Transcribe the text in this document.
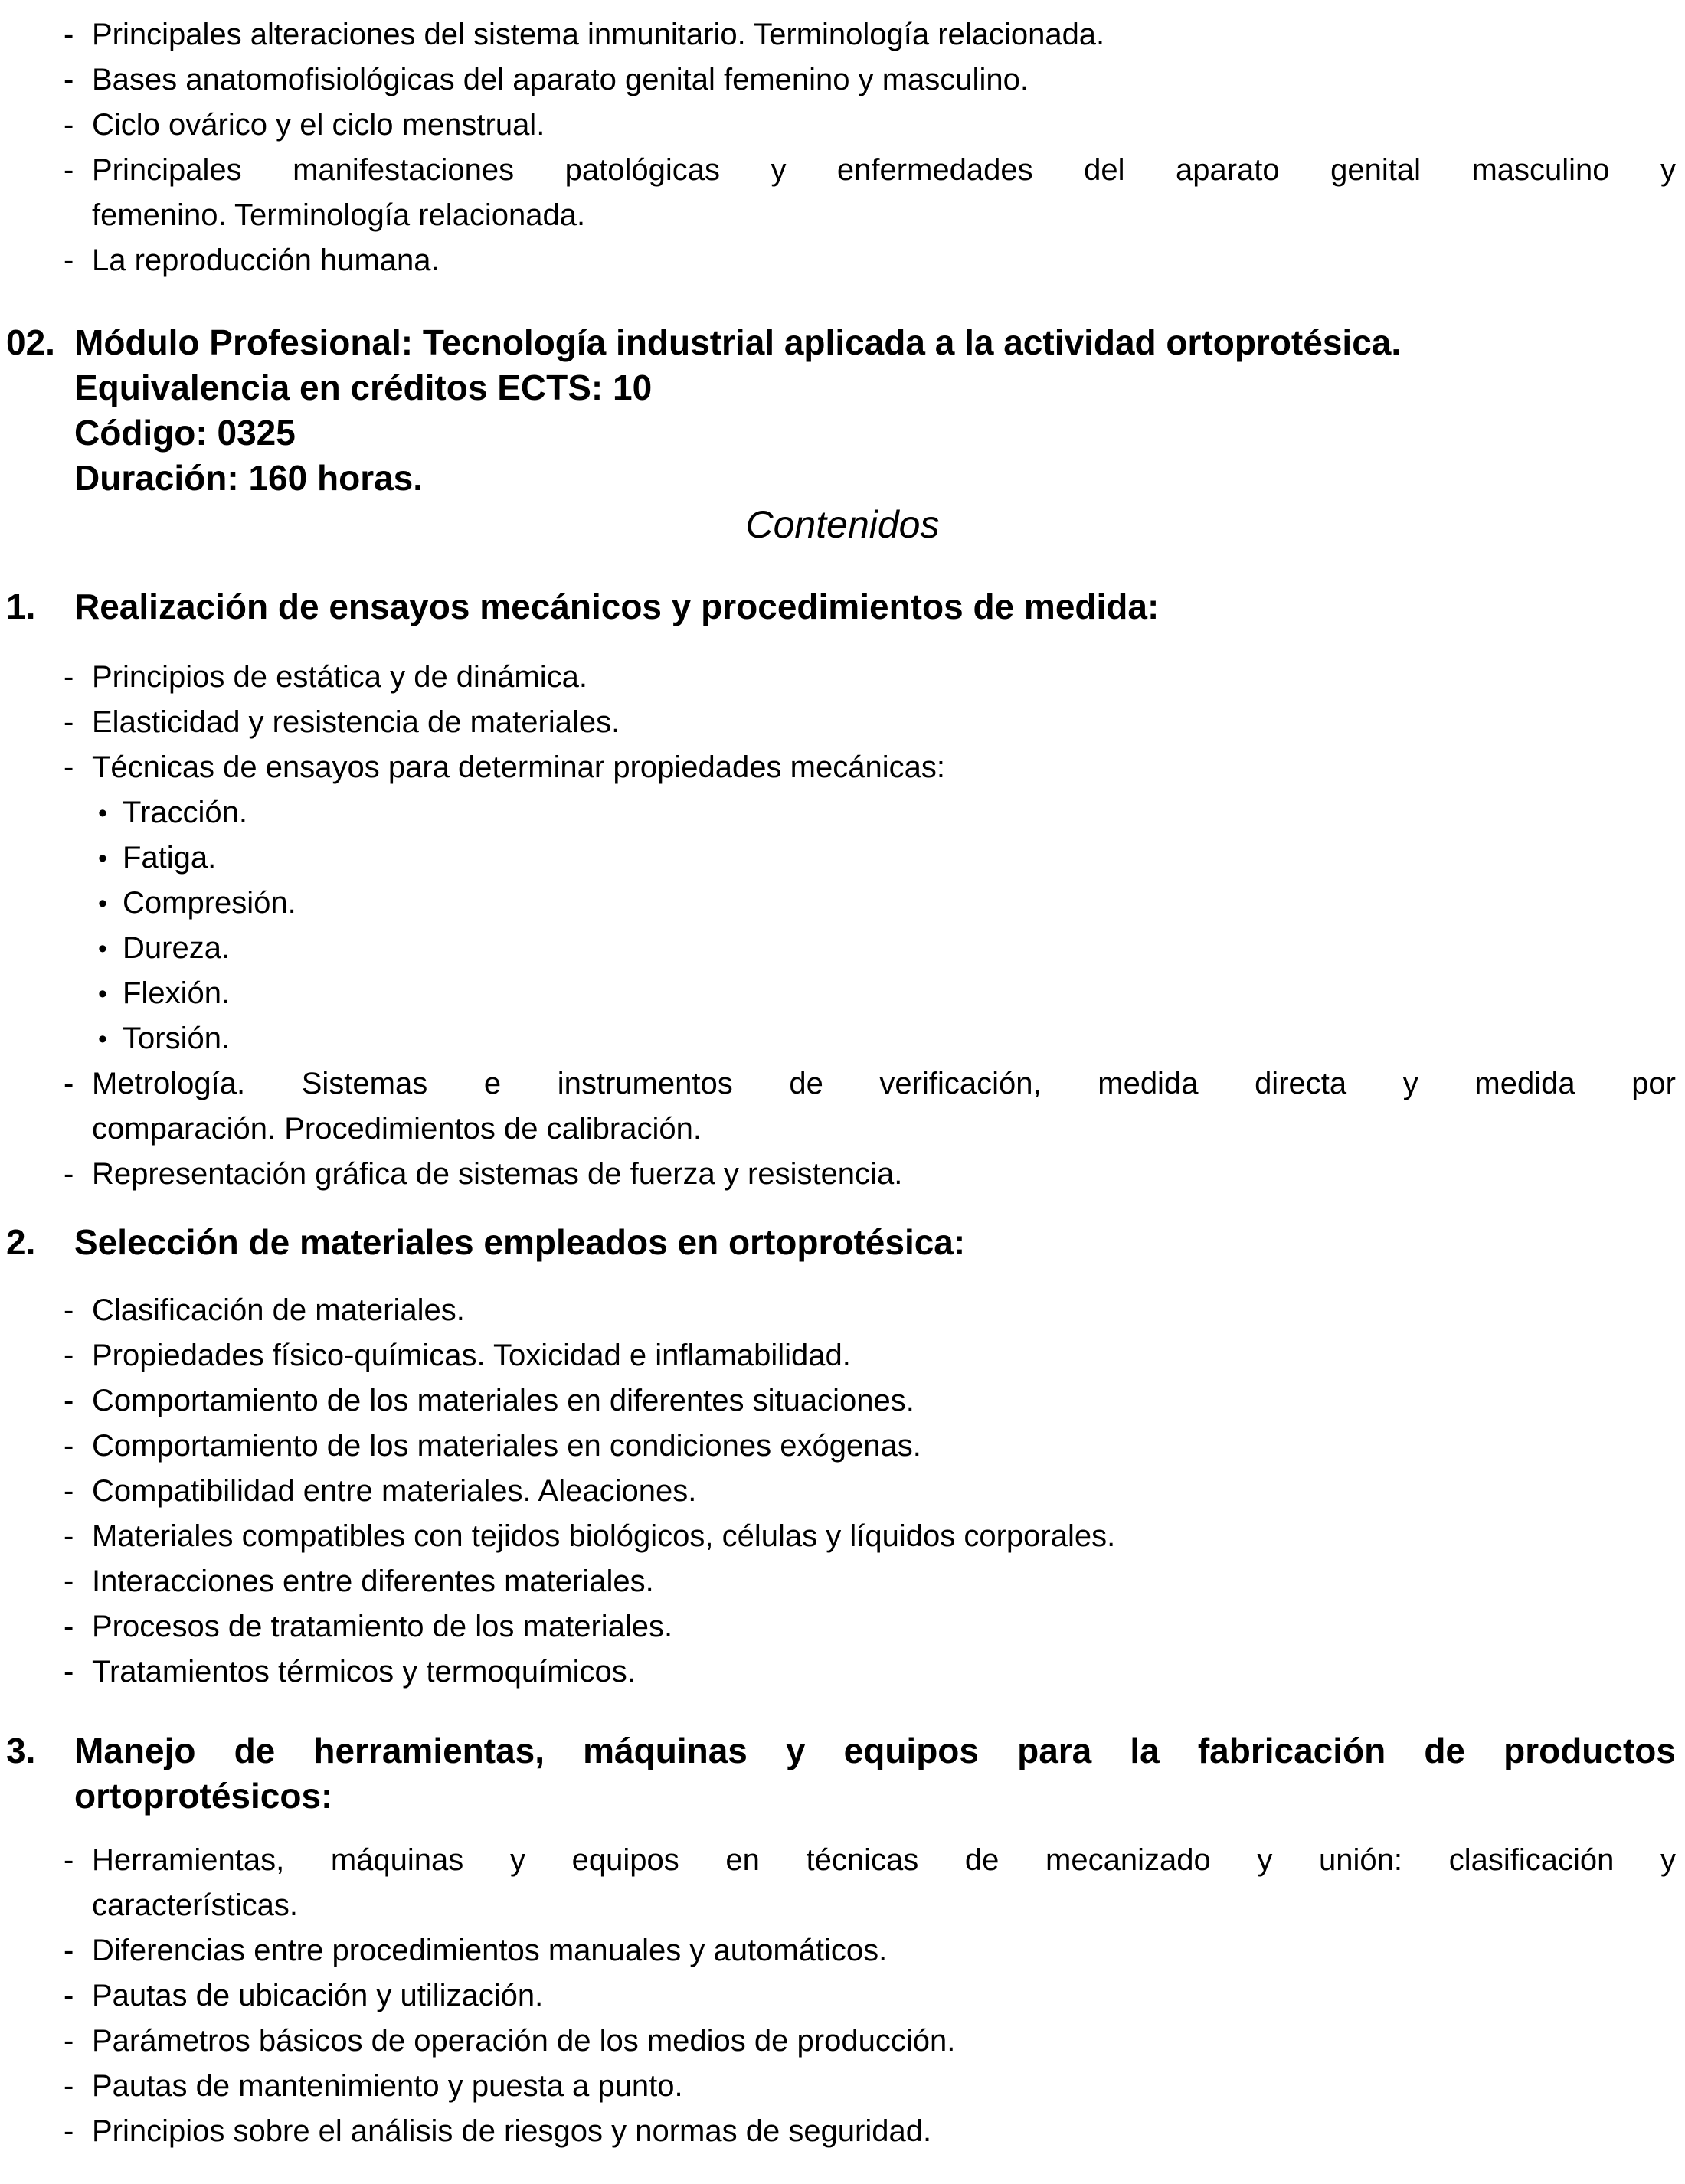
- Principales alteraciones del sistema inmunitario. Terminología relacionada.
- Bases anatomofisiológicas del aparato genital femenino y masculino.
- Ciclo ovárico y el ciclo menstrual.
- Principales manifestaciones patológicas y enfermedades del aparato genital masculino y
femenino. Terminología relacionada.
- La reproducción humana.
02. Módulo Profesional: Tecnología industrial aplicada a la actividad ortoprotésica.
Equivalencia en créditos ECTS: 10
Código: 0325
Duración: 160 horas.
Contenidos
1. Realización de ensayos mecánicos y procedimientos de medida:
- Principios de estática y de dinámica.
- Elasticidad y resistencia de materiales.
- Técnicas de ensayos para determinar propiedades mecánicas:
• Tracción.
• Fatiga.
• Compresión.
• Dureza.
• Flexión.
• Torsión.
- Metrología. Sistemas e instrumentos de verificación, medida directa y medida por
comparación. Procedimientos de calibración.
- Representación gráfica de sistemas de fuerza y resistencia.
2. Selección de materiales empleados en ortoprotésica:
- Clasificación de materiales.
- Propiedades físico-químicas. Toxicidad e inflamabilidad.
- Comportamiento de los materiales en diferentes situaciones.
- Comportamiento de los materiales en condiciones exógenas.
- Compatibilidad entre materiales. Aleaciones.
- Materiales compatibles con tejidos biológicos, células y líquidos corporales.
- Interacciones entre diferentes materiales.
- Procesos de tratamiento de los materiales.
- Tratamientos térmicos y termoquímicos.
3. Manejo de herramientas, máquinas y equipos para la fabricación de productos
ortoprotésicos:
- Herramientas, máquinas y equipos en técnicas de mecanizado y unión: clasificación y
características.
- Diferencias entre procedimientos manuales y automáticos.
- Pautas de ubicación y utilización.
- Parámetros básicos de operación de los medios de producción.
- Pautas de mantenimiento y puesta a punto.
- Principios sobre el análisis de riesgos y normas de seguridad.
